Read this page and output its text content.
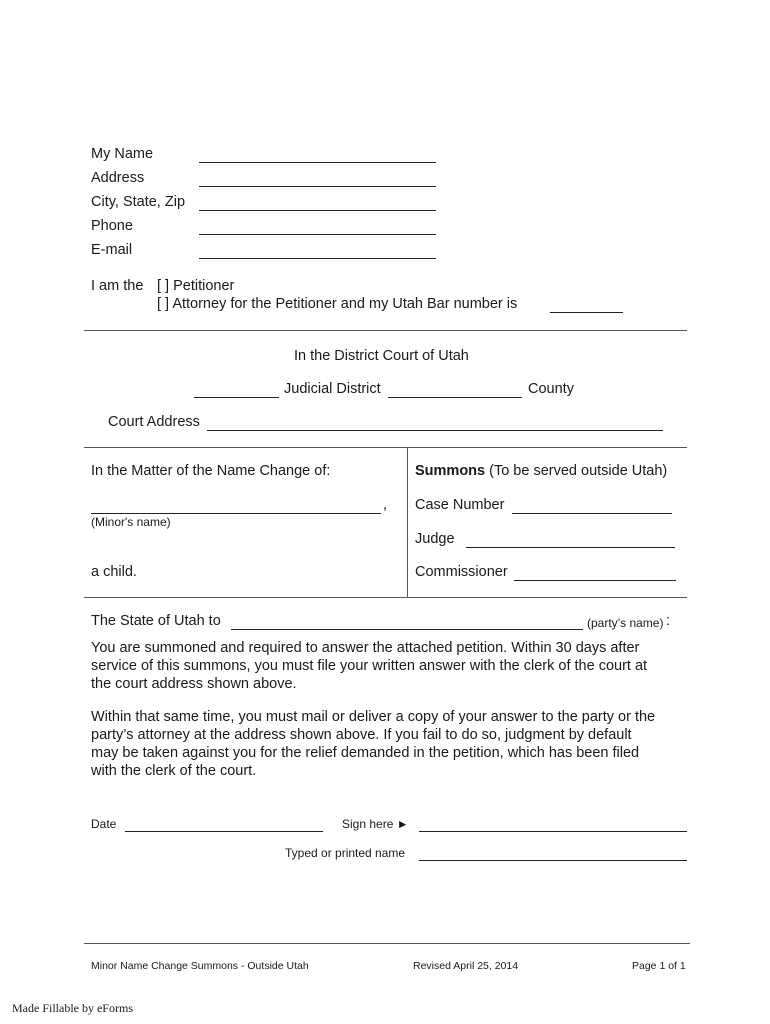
My Name
Address
City, State, Zip
Phone
E-mail
I am the [ ] Petitioner
[ ] Attorney for the Petitioner and my Utah Bar number is
In the District Court of Utah
Judicial District	County
Court Address
In the Matter of the Name Change of:
,
(Minor's name)
a child.
Summons (To be served outside Utah)
Case Number
Judge
Commissioner
The State of Utah to	(party’s name) :
You are summoned and required to answer the attached petition. Within 30 days after
service of this summons, you must file your written answer with the clerk of the court at
the court address shown above.
Within that same time, you must mail or deliver a copy of your answer to the party or the
party’s attorney at the address shown above. If you fail to do so, judgment by default
may be taken against you for the relief demanded in the petition, which has been filed
with the clerk of the court.
Date	Sign here ►
Typed or printed name
Minor Name Change Summons - Outside Utah	Revised April 25, 2014	Page 1 of 1
Made Fillable by eForms
